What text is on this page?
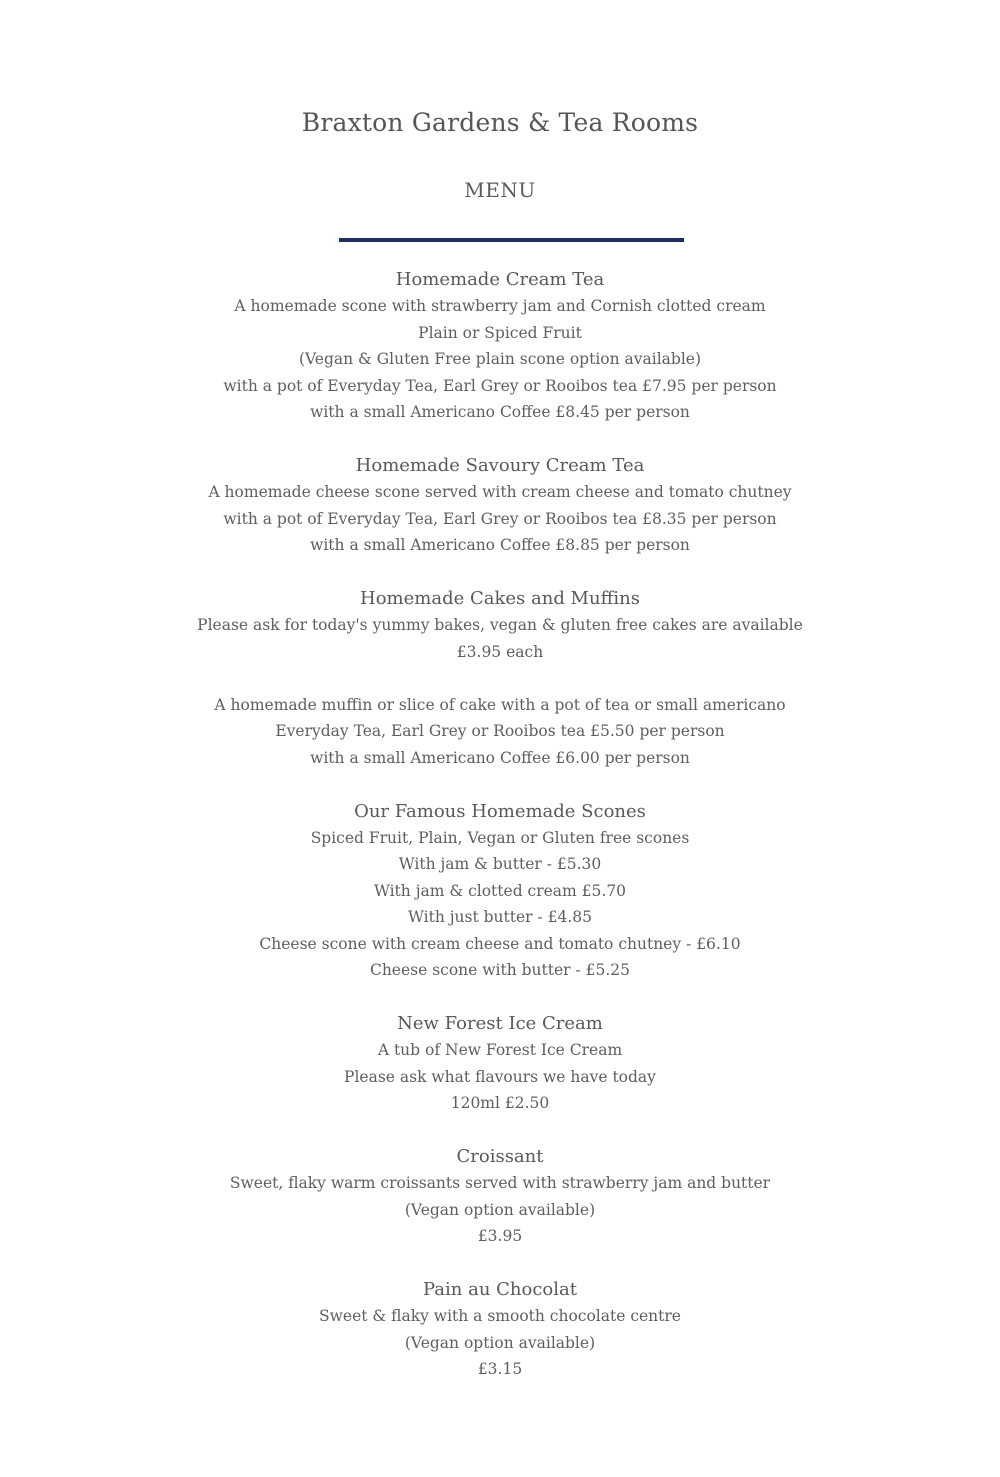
Braxton Gardens & Tea Rooms
MENU
Homemade Cream Tea
A homemade scone with strawberry jam and Cornish clotted cream
Plain or Spiced Fruit
(Vegan & Gluten Free plain scone option available)
with a pot of Everyday Tea, Earl Grey or Rooibos tea £7.95 per person
with a small Americano Coffee £8.45 per person
Homemade Savoury Cream Tea
A homemade cheese scone served with cream cheese and tomato chutney
with a pot of Everyday Tea, Earl Grey or Rooibos tea £8.35 per person
with a small Americano Coffee £8.85 per person
Homemade Cakes and Muffins
Please ask for today's yummy bakes, vegan & gluten free cakes are available
£3.95 each
A homemade muffin or slice of cake with a pot of tea or small americano
Everyday Tea, Earl Grey or Rooibos tea £5.50 per person
with a small Americano Coffee £6.00 per person
Our Famous Homemade Scones
Spiced Fruit, Plain, Vegan or Gluten free scones
With jam & butter - £5.30
With jam & clotted cream £5.70
With just butter - £4.85
Cheese scone with cream cheese and tomato chutney - £6.10
Cheese scone with butter - £5.25
New Forest Ice Cream
A tub of New Forest Ice Cream
Please ask what flavours we have today
120ml £2.50
Croissant
Sweet, flaky warm croissants served with strawberry jam and butter
(Vegan option available)
£3.95
Pain au Chocolat
Sweet & flaky with a smooth chocolate centre
(Vegan option available)
£3.15
